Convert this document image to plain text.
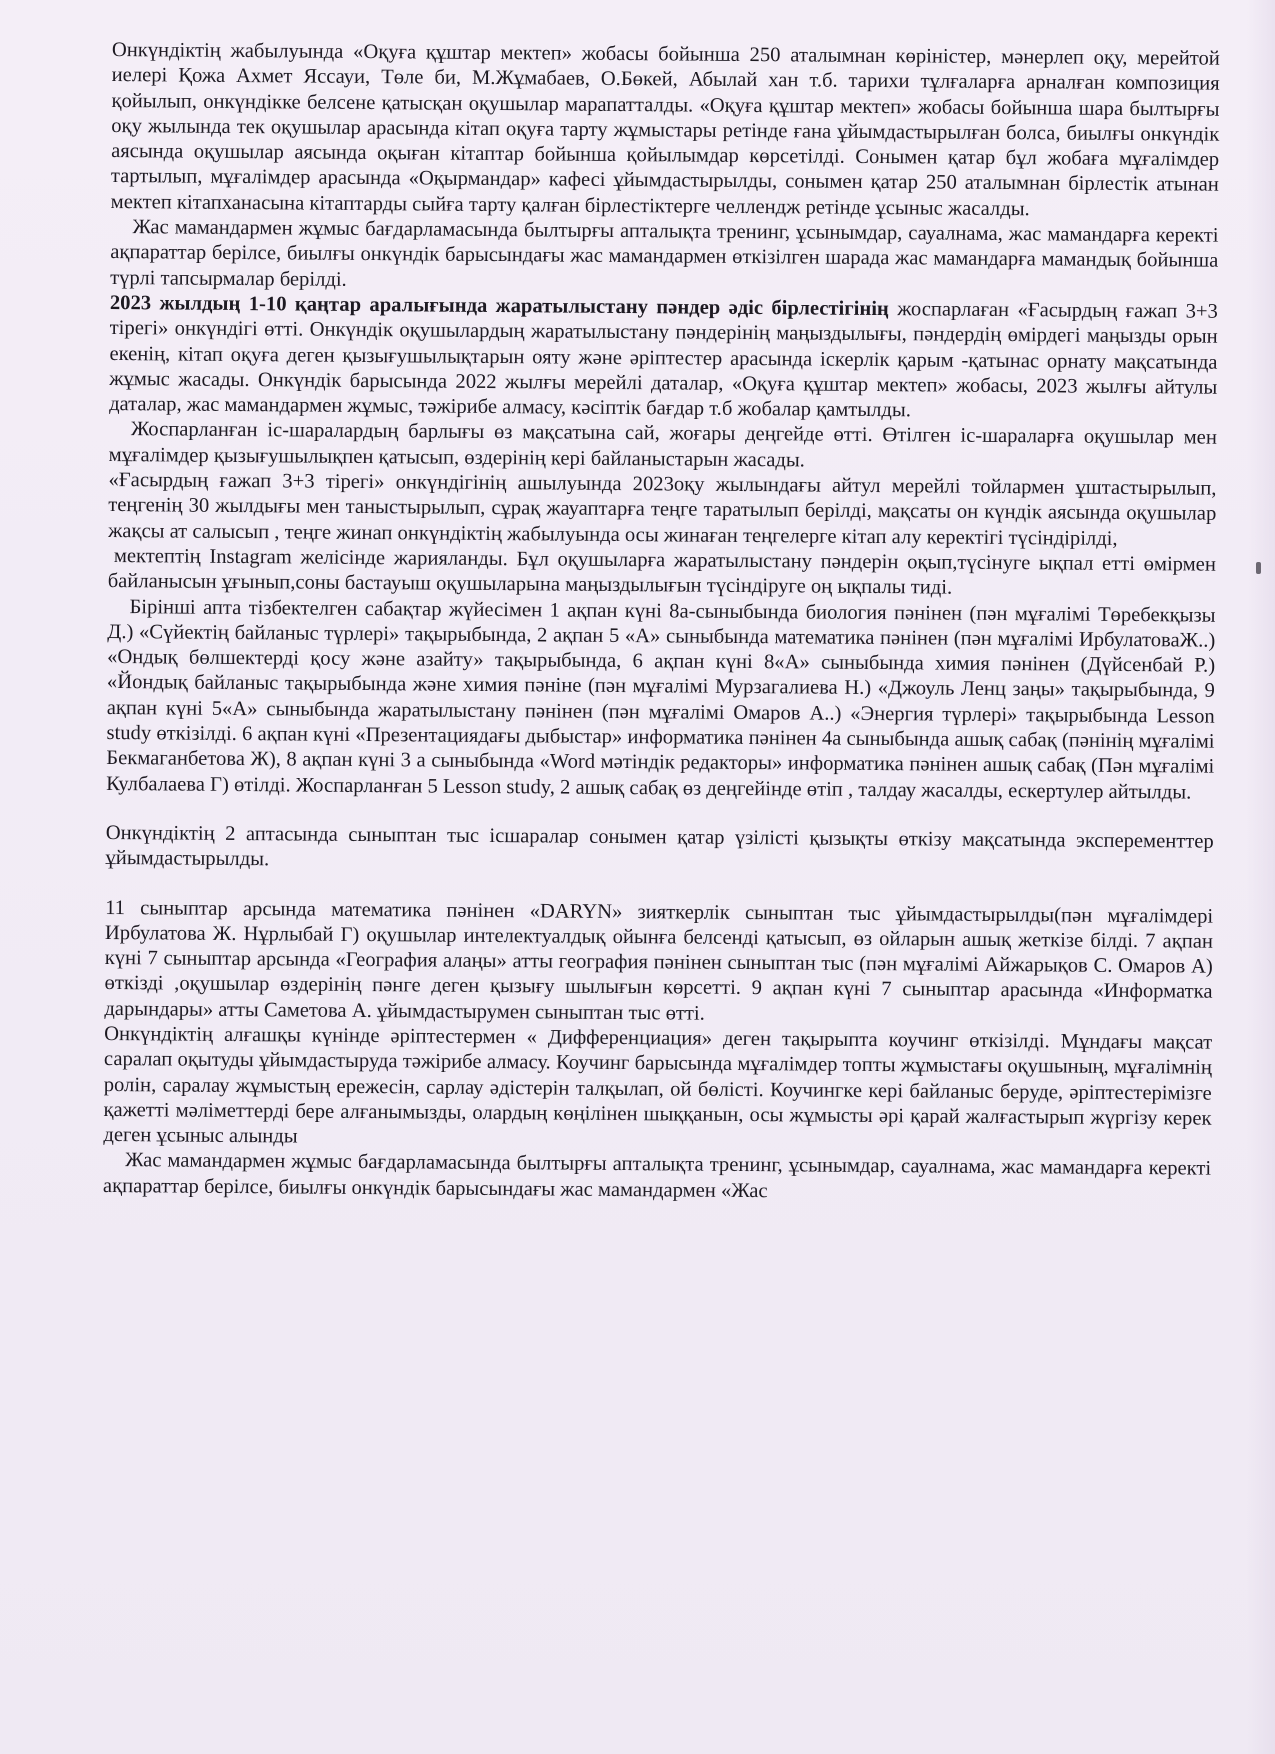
Онкүндіктің жабылуында «Оқуға құштар мектеп» жобасы бойынша 250 аталымнан көріністер, мәнерлеп оқу, мерейтой иелері Қожа Ахмет Яссауи, Төле би, М.Жұмабаев, О.Бөкей, Абылай хан т.б. тарихи тұлғаларға арналған композиция қойылып, онкүндікке белсене қатысқан оқушылар марапатталды. «Оқуға құштар мектеп» жобасы бойынша шара былтырғы оқу жылында тек оқушылар арасында кітап оқуға тарту жұмыстары ретінде ғана ұйымдастырылған болса, биылғы онкүндік аясында оқушылар аясында оқыған кітаптар бойынша қойылымдар көрсетілді. Сонымен қатар бұл жобаға мұғалімдер тартылып, мұғалімдер арасында «Оқырмандар» кафесі ұйымдастырылды, сонымен қатар 250 аталымнан бірлестік атынан мектеп кітапханасына кітаптарды сыйға тарту қалған бірлестіктерге челлендж ретінде ұсыныс жасалды.

Жас мамандармен жұмыс бағдарламасында былтырғы апталықта тренинг, ұсынымдар, сауалнама, жас мамандарға керекті ақпараттар берілсе, биылғы онкүндік барысындағы жас мамандармен өткізілген шарада жас мамандарға мамандық бойынша түрлі тапсырмалар берілді.

2023 жылдың 1-10 қаңтар аралығында жаратылыстану пәндер әдіс бірлестігінің жоспарлаған «Ғасырдың ғажап 3+3 тірегі» онкүндігі өтті. Онкүндік оқушылардың жаратылыстану пәндерінің маңыздылығы, пәндердің өмірдегі маңызды орын екенің, кітап оқуға деген қызығушылықтарын ояту және әріптестер арасында іскерлік қарым -қатынас орнату мақсатында жұмыс жасады. Онкүндік барысында 2022 жылғы мерейлі даталар, «Оқуға құштар мектеп» жобасы, 2023 жылғы айтулы даталар, жас мамандармен жұмыс, тәжірибе алмасу, кәсіптік бағдар т.б жобалар қамтылды.

Жоспарланған іс-шаралардың барлығы өз мақсатына сай, жоғары деңгейде өтті. Өтілген іс-шараларға оқушылар мен мұғалімдер қызығушылықпен қатысып, өздерінің кері байланыстарын жасады.

«Ғасырдың ғажап 3+3 тірегі» онкүндігінің ашылуында 2023оқу жылындағы айтул мерейлі тойлармен ұштастырылып, теңгенің 30 жылдығы мен таныстырылып, сұрақ жауаптарға теңге таратылып берілді, мақсаты он күндік аясында оқушылар жақсы ат салысып , теңге жинап онкүндіктің жабылуында осы жинаған теңгелерге кітап алу керектігі түсіндірілді,

мектептің Instagram желісінде жарияланды. Бұл оқушыларға жаратылыстану пәндерін оқып,түсінуге ықпал етті өмірмен байланысын ұғынып,соны бастауыш оқушыларына маңыздылығын түсіндіруге оң ықпалы тиді.

Бірінші апта тізбектелген сабақтар жүйесімен 1 ақпан күні 8а-сыныбында биология пәнінен (пән мұғалімі Төребекқызы Д.) «Сүйектің байланыс түрлері» тақырыбында, 2 ақпан 5 «А» сыныбында математика пәнінен (пән мұғалімі ИрбулатоваЖ..) «Ондық бөлшектерді қосу және азайту» тақырыбында, 6 ақпан күні 8«А» сыныбында химия пәнінен (Дүйсенбай Р.) «Йондық байланыс тақырыбында және химия пәніне (пән мұғалімі Мурзагалиева Н.) «Джоуль Ленц заңы» тақырыбында, 9 ақпан күні 5«А» сыныбында жаратылыстану пәнінен (пән мұғалімі Омаров А..) «Энергия түрлері» тақырыбында Lesson study өткізілді. 6 ақпан күні «Презентациядағы дыбыстар» информатика пәнінен 4а сыныбында ашық сабақ (пәнінің мұғалімі Бекмаганбетова Ж), 8 ақпан күні 3 а сыныбында «Word мәтіндік редакторы» информатика пәнінен ашық сабақ (Пән мұғалімі Кулбалаева Г) өтілді. Жоспарланған 5 Lesson study, 2 ашық сабақ өз деңгейінде өтіп , талдау жасалды, ескертулер айтылды.

Онкүндіктің 2 аптасында сыныптан тыс ісшаралар сонымен қатар үзілісті қызықты өткізу мақсатында эксперементтер ұйымдастырылды.

11 сыныптар арсында математика пәнінен «DARYN» зияткерлік сыныптан тыс ұйымдастырылды(пән мұғалімдері Ирбулатова Ж. Нұрлыбай Г) оқушылар интелектуалдық ойынға белсенді қатысып, өз ойларын ашық жеткізе білді. 7 ақпан күні 7 сыныптар арсында «География алаңы» атты география пәнінен сыныптан тыс (пән мұғалімі Айжарықов С. Омаров А) өткізді ,оқушылар өздерінің пәнге деген қызығу шылығын көрсетті. 9 ақпан күні 7 сыныптар арасында «Информатка дарындары» атты Саметова А. ұйымдастырумен сыныптан тыс өтті.

Онкүндіктің алғашқы күнінде әріптестермен « Дифференциация» деген тақырыпта коучинг өткізілді. Мұндағы мақсат саралап оқытуды ұйымдастыруда тәжірибе алмасу. Коучинг барысында мұғалімдер топты жұмыстағы оқушының, мұғалімнің ролін, саралау жұмыстың ережесін, сарлау әдістерін талқылап, ой бөлісті. Коучингке кері байланыс беруде, әріптестерімізге қажетті мәліметтерді бере алғанымызды, олардың көңілінен шыққанын, осы жұмысты әрі қарай жалғастырып жүргізу керек деген ұсыныс алынды

Жас мамандармен жұмыс бағдарламасында былтырғы апталықта тренинг, ұсынымдар, сауалнама, жас мамандарға керекті ақпараттар берілсе, биылғы онкүндік барысындағы жас мамандармен «Жас
